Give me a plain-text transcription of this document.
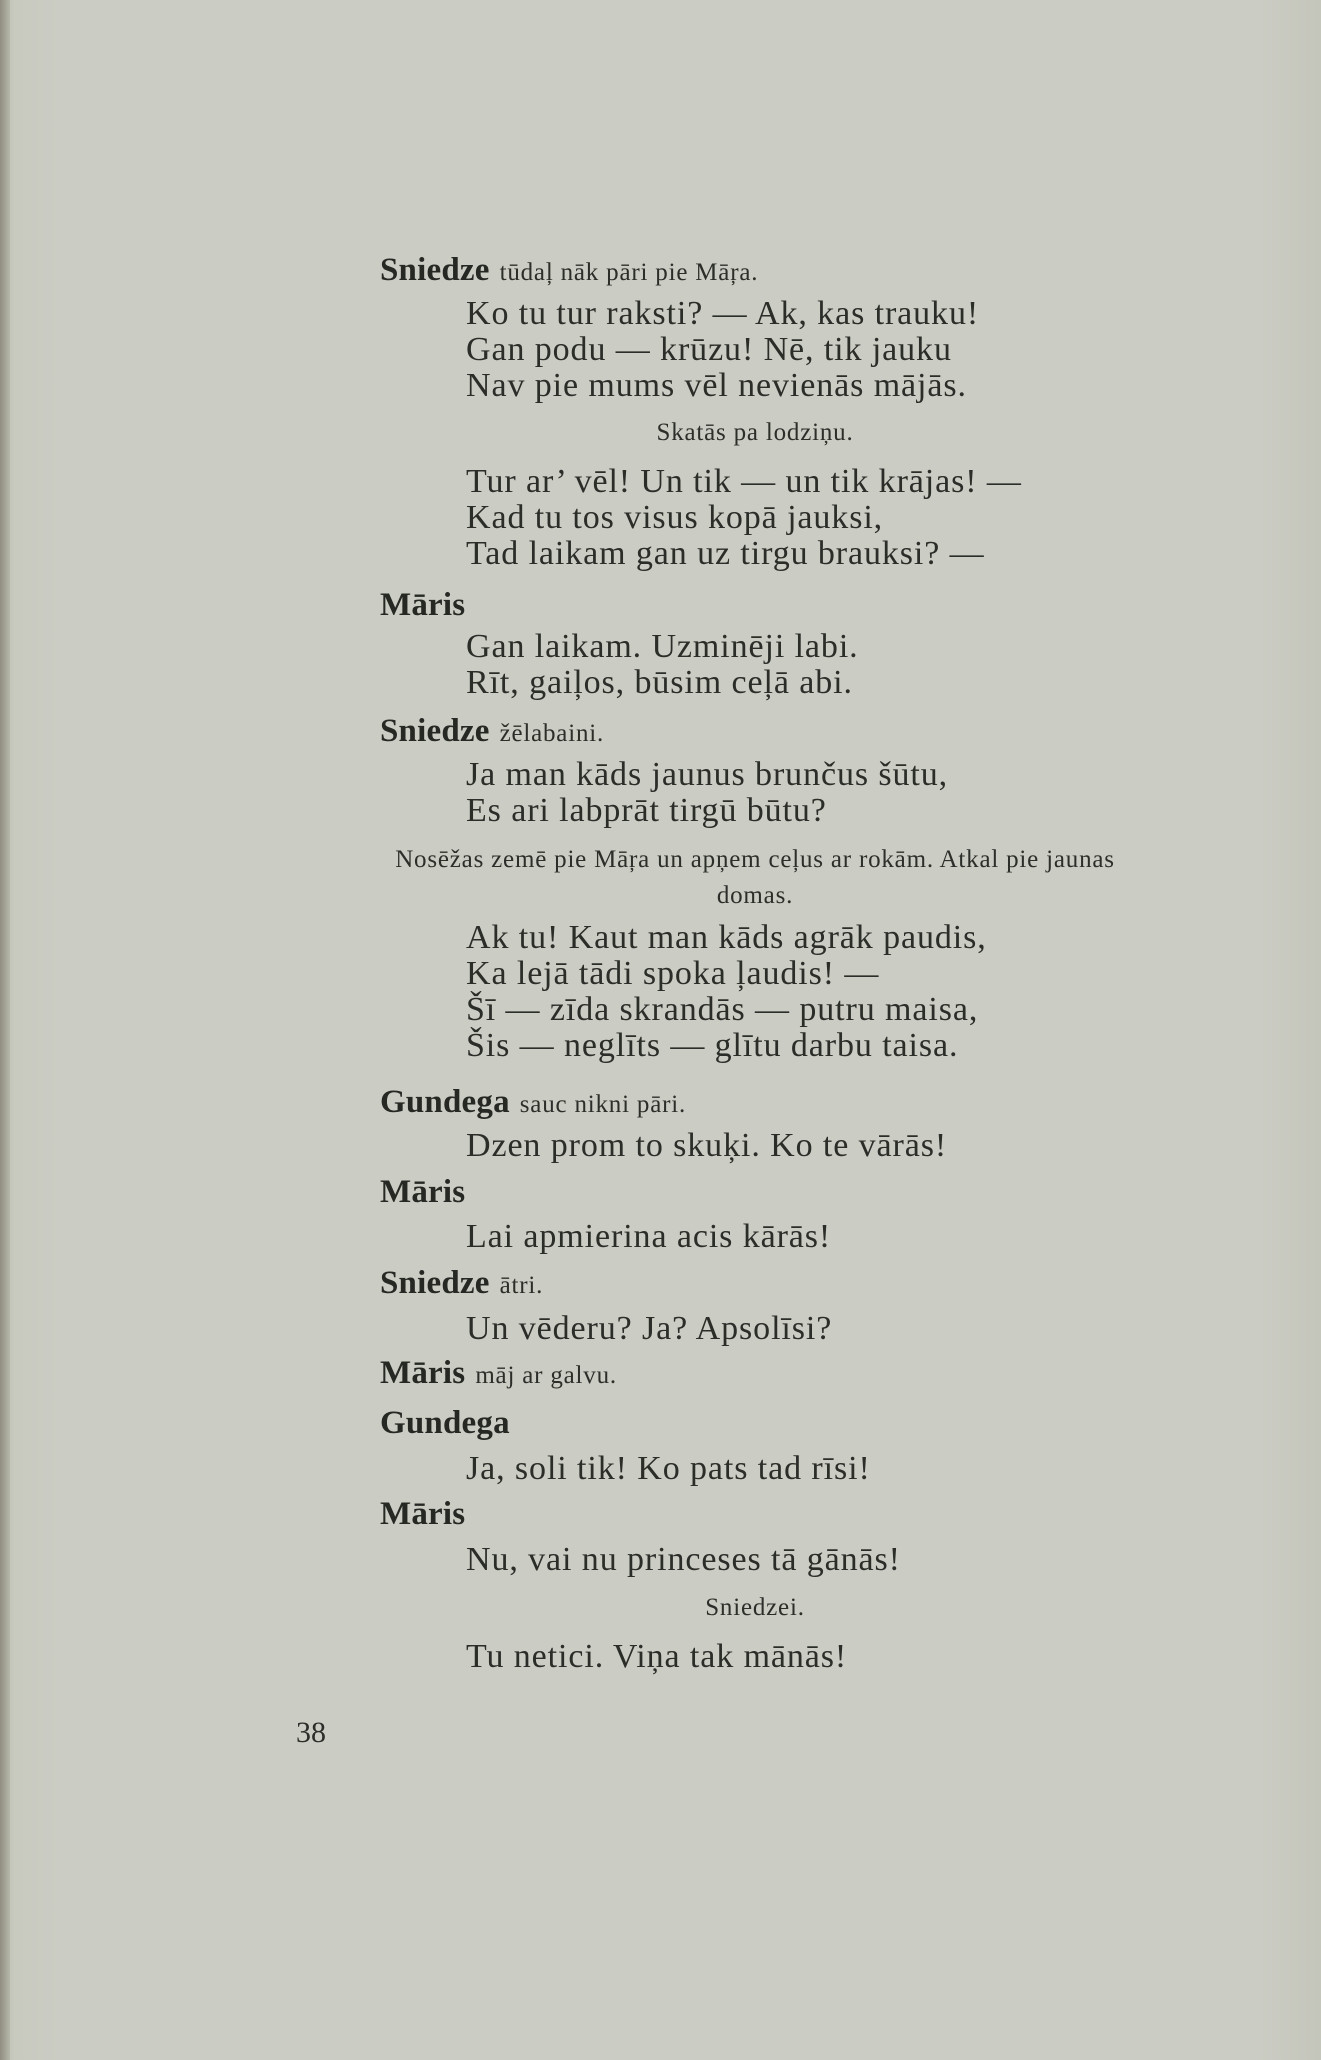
Sniedze tūdaļ nāk pāri pie Māŗa.
Ko tu tur raksti? — Ak, kas trauku!
Gan podu — krūzu! Nē, tik jauku
Nav pie mums vēl nevienās mājās.
Skatās pa lodziņu.
Tur ar’ vēl! Un tik — un tik krājas! —
Kad tu tos visus kopā jauksi,
Tad laikam gan uz tirgu brauksi? —
Māris
Gan laikam. Uzminēji labi.
Rīt, gaiļos, būsim ceļā abi.
Sniedze žēlabaini.
Ja man kāds jaunus brunčus šūtu,
Es ari labprāt tirgū būtu?
Nosēžas zemē pie Māŗa un apņem ceļus ar rokām. Atkal pie jaunas
domas.
Ak tu! Kaut man kāds agrāk paudis,
Ka lejā tādi spoka ļaudis! —
Šī — zīda skrandās — putru maisa,
Šis — neglīts — glītu darbu taisa.
Gundega sauc nikni pāri.
Dzen prom to skuķi. Ko te vārās!
Māris
Lai apmierina acis kārās!
Sniedze ātri.
Un vēderu? Ja? Apsolīsi?
Māris māj ar galvu.
Gundega
Ja, soli tik! Ko pats tad rīsi!
Māris
Nu, vai nu princeses tā gānās!
Sniedzei.
Tu netici. Viņa tak mānās!
38
